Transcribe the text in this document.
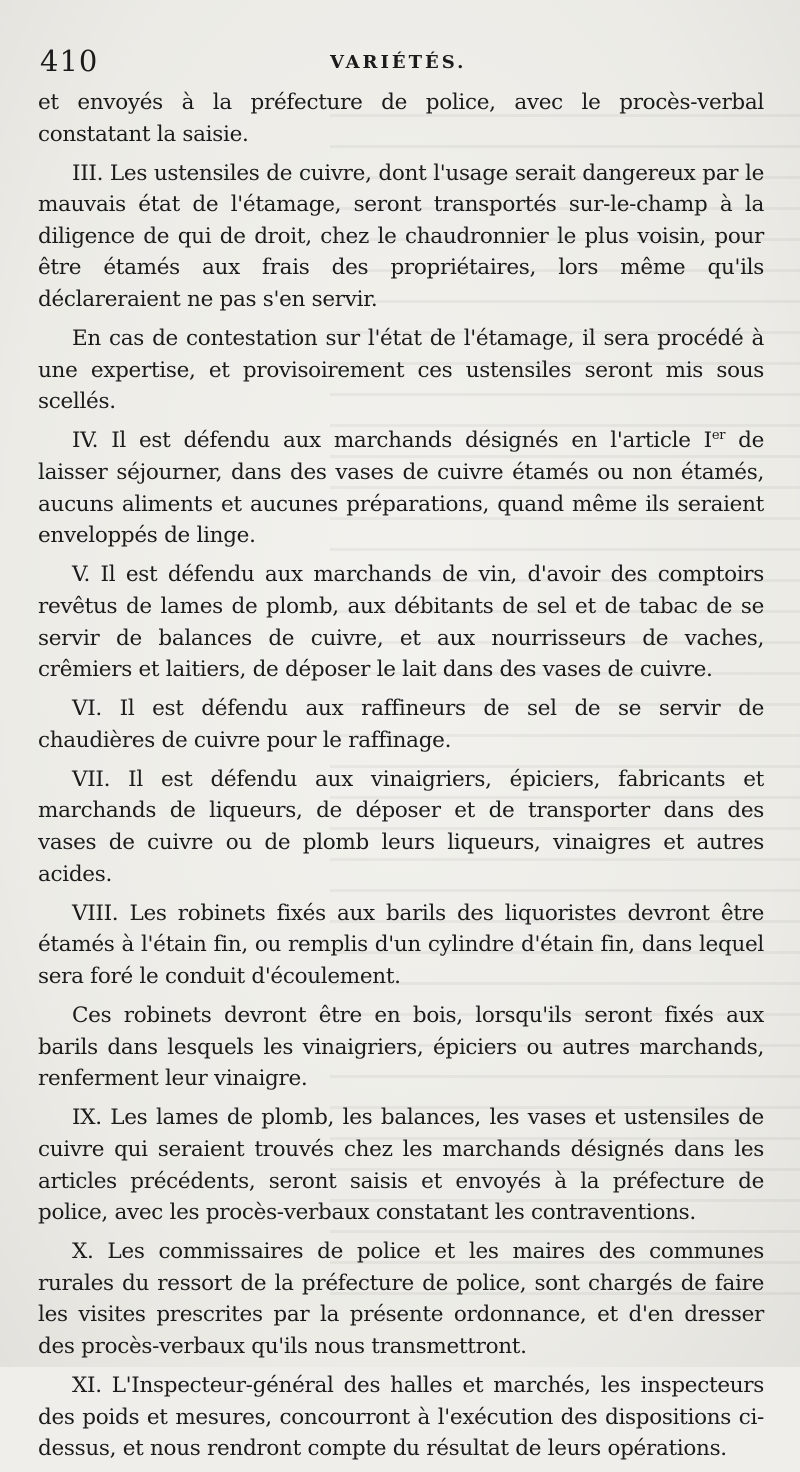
410	VARIÉTÉS.

et envoyés à la préfecture de police, avec le procès-verbal constatant la saisie.

III. Les ustensiles de cuivre, dont l'usage serait dangereux par le mauvais état de l'étamage, seront transportés sur-le-champ à la diligence de qui de droit, chez le chaudronnier le plus voisin, pour être étamés aux frais des propriétaires, lors même qu'ils déclareraient ne pas s'en servir.

En cas de contestation sur l'état de l'étamage, il sera procédé à une expertise, et provisoirement ces ustensiles seront mis sous scellés.

IV. Il est défendu aux marchands désignés en l'article Ier de laisser séjourner, dans des vases de cuivre étamés ou non étamés, aucuns aliments et aucunes préparations, quand même ils seraient enveloppés de linge.

V. Il est défendu aux marchands de vin, d'avoir des comptoirs revêtus de lames de plomb, aux débitants de sel et de tabac de se servir de balances de cuivre, et aux nourrisseurs de vaches, crêmiers et laitiers, de déposer le lait dans des vases de cuivre.

VI. Il est défendu aux raffineurs de sel de se servir de chaudières de cuivre pour le raffinage.

VII. Il est défendu aux vinaigriers, épiciers, fabricants et marchands de liqueurs, de déposer et de transporter dans des vases de cuivre ou de plomb leurs liqueurs, vinaigres et autres acides.

VIII. Les robinets fixés aux barils des liquoristes devront être étamés à l'étain fin, ou remplis d'un cylindre d'étain fin, dans lequel sera foré le conduit d'écoulement.

Ces robinets devront être en bois, lorsqu'ils seront fixés aux barils dans lesquels les vinaigriers, épiciers ou autres marchands, renferment leur vinaigre.

IX. Les lames de plomb, les balances, les vases et ustensiles de cuivre qui seraient trouvés chez les marchands désignés dans les articles précédents, seront saisis et envoyés à la préfecture de police, avec les procès-verbaux constatant les contraventions.

X. Les commissaires de police et les maires des communes rurales du ressort de la préfecture de police, sont chargés de faire les visites prescrites par la présente ordonnance, et d'en dresser des procès-verbaux qu'ils nous transmettront.

XI. L'Inspecteur-général des halles et marchés, les inspecteurs des poids et mesures, concourront à l'exécution des dispositions ci-dessus, et nous rendront compte du résultat de leurs opérations.
